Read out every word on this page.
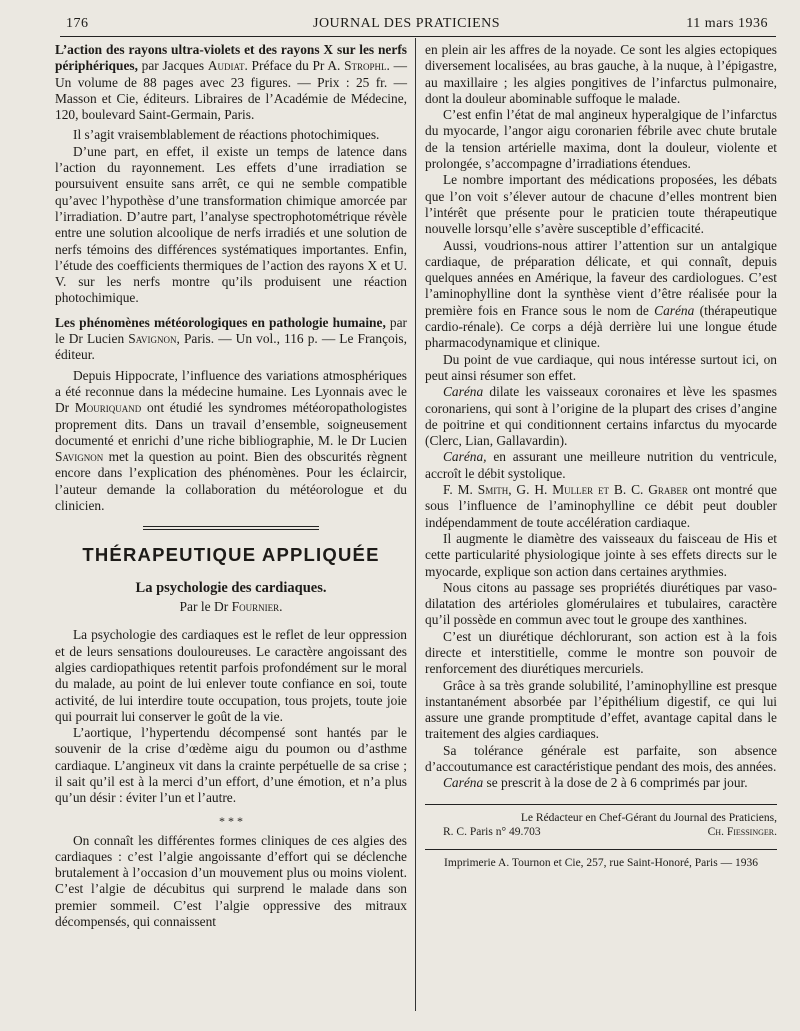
176	JOURNAL DES PRATICIENS	11 mars 1936

L’action des rayons ultra-violets et des rayons X sur les nerfs périphériques, par Jacques Audiat. Préface du Pr A. Strophl. — Un volume de 88 pages avec 23 figures. — Prix : 25 fr. — Masson et Cie, éditeurs. Libraires de l’Académie de Médecine, 120, boulevard Saint-Germain, Paris.

Il s’agit vraisemblablement de réactions photochimiques.

D’une part, en effet, il existe un temps de latence dans l’action du rayonnement. Les effets d’une irradiation se poursuivent ensuite sans arrêt, ce qui ne semble compatible qu’avec l’hypothèse d’une transformation chimique amorcée par l’irradiation. D’autre part, l’analyse spectrophotométrique révèle entre une solution alcoolique de nerfs irradiés et une solution de nerfs témoins des différences systématiques importantes. Enfin, l’étude des coefficients thermiques de l’action des rayons X et U. V. sur les nerfs montre qu’ils produisent une réaction photochimique.

Les phénomènes météorologiques en pathologie humaine, par le Dr Lucien Savignon, Paris. — Un vol., 116 p. — Le François, éditeur.

Depuis Hippocrate, l’influence des variations atmosphériques a été reconnue dans la médecine humaine. Les Lyonnais avec le Dr Mouriquand ont étudié les syndromes météoropathologistes proprement dits. Dans un travail d’ensemble, soigneusement documenté et enrichi d’une riche bibliographie, M. le Dr Lucien Savignon met la question au point. Bien des obscurités règnent encore dans l’explication des phénomènes. Pour les éclaircir, l’auteur demande la collaboration du météorologue et du clinicien.

THÉRAPEUTIQUE APPLIQUÉE
La psychologie des cardiaques.
Par le Dr Fournier.

La psychologie des cardiaques est le reflet de leur oppression et de leurs sensations douloureuses. Le caractère angoissant des algies cardiopathiques retentit parfois profondément sur le moral du malade, au point de lui enlever toute confiance en soi, toute activité, de lui interdire toute occupation, tous projets, toute joie qui pourrait lui conserver le goût de la vie.

L’aortique, l’hypertendu décompensé sont hantés par le souvenir de la crise d’œdème aigu du poumon ou d’asthme cardiaque. L’angineux vit dans la crainte perpétuelle de sa crise ; il sait qu’il est à la merci d’un effort, d’une émotion, et n’a plus qu’un désir : éviter l’un et l’autre.

* * *

On connaît les différentes formes cliniques de ces algies des cardiaques : c’est l’algie angoissante d’effort qui se déclenche brutalement à l’occasion d’un mouvement plus ou moins violent. C’est l’algie de décubitus qui surprend le malade dans son premier sommeil. C’est l’algie oppressive des mitraux décompensés, qui connaissent

en plein air les affres de la noyade. Ce sont les algies ectopiques diversement localisées, au bras gauche, à la nuque, à l’épigastre, au maxillaire ; les algies pongitives de l’infarctus pulmonaire, dont la douleur abominable suffoque le malade.

C’est enfin l’état de mal angineux hyperalgique de l’infarctus du myocarde, l’angor aigu coronarien fébrile avec chute brutale de la tension artérielle maxima, dont la douleur, violente et prolongée, s’accompagne d’irradiations étendues.

Le nombre important des médications proposées, les débats que l’on voit s’élever autour de chacune d’elles montrent bien l’intérêt que présente pour le praticien toute thérapeutique nouvelle lorsqu’elle s’avère susceptible d’efficacité.

Aussi, voudrions-nous attirer l’attention sur un antalgique cardiaque, de préparation délicate, et qui connaît, depuis quelques années en Amérique, la faveur des cardiologues. C’est l’aminophylline dont la synthèse vient d’être réalisée pour la première fois en France sous le nom de Caréna (thérapeutique cardio-rénale). Ce corps a déjà derrière lui une longue étude pharmacodynamique et clinique.

Du point de vue cardiaque, qui nous intéresse surtout ici, on peut ainsi résumer son effet.

Caréna dilate les vaisseaux coronaires et lève les spasmes coronariens, qui sont à l’origine de la plupart des crises d’angine de poitrine et qui conditionnent certains infarctus du myocarde (Clerc, Lian, Gallavardin).

Caréna, en assurant une meilleure nutrition du ventricule, accroît le débit systolique.

F. M. Smith, G. H. Muller et B. C. Graber ont montré que sous l’influence de l’aminophylline ce débit peut doubler indépendamment de toute accélération cardiaque.

Il augmente le diamètre des vaisseaux du faisceau de His et cette particularité physiologique jointe à ses effets directs sur le myocarde, explique son action dans certaines arythmies.

Nous citons au passage ses propriétés diurétiques par vaso-dilatation des artérioles glomérulaires et tubulaires, caractère qu’il possède en commun avec tout le groupe des xanthines.

C’est un diurétique déchlorurant, son action est à la fois directe et interstitielle, comme le montre son pouvoir de renforcement des diurétiques mercuriels.

Grâce à sa très grande solubilité, l’aminophylline est presque instantanément absorbée par l’épithélium digestif, ce qui lui assure une grande promptitude d’effet, avantage capital dans le traitement des algies cardiaques.

Sa tolérance générale est parfaite, son absence d’accoutumance est caractéristique pendant des mois, des années.

Caréna se prescrit à la dose de 2 à 6 comprimés par jour.

Le Rédacteur en Chef-Gérant du Journal des Praticiens,
R. C. Paris n° 49.703	Ch. Fiessinger.
Imprimerie A. Tournon et Cie, 257, rue Saint-Honoré, Paris — 1936
